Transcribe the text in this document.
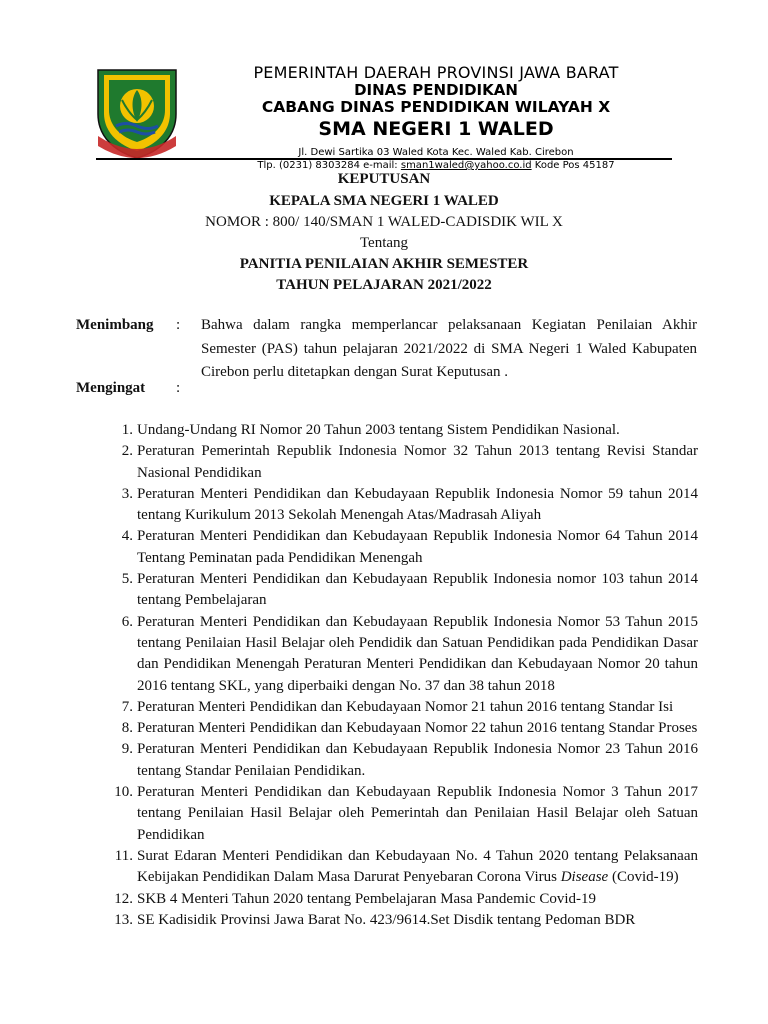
PEMERINTAH DAERAH PROVINSI JAWA BARAT
DINAS PENDIDIKAN
CABANG DINAS PENDIDIKAN WILAYAH X
SMA NEGERI 1 WALED
Jl. Dewi Sartika 03 Waled Kota Kec. Waled Kab. Cirebon
Tlp. (0231) 8303284 e-mail: sman1waled@yahoo.co.id Kode Pos 45187
KEPUTUSAN
KEPALA SMA NEGERI 1 WALED
NOMOR : 800/ 140/SMAN 1 WALED-CADISDIK WIL X
Tentang
PANITIA PENILAIAN AKHIR SEMESTER
TAHUN PELAJARAN 2021/2022
Menimbang : Bahwa dalam rangka memperlancar pelaksanaan Kegiatan Penilaian Akhir Semester (PAS) tahun pelajaran 2021/2022 di SMA Negeri 1 Waled Kabupaten Cirebon perlu ditetapkan dengan Surat Keputusan .
Mengingat :
1. Undang-Undang RI Nomor 20 Tahun 2003 tentang Sistem Pendidikan Nasional.
2. Peraturan Pemerintah Republik Indonesia Nomor 32 Tahun 2013 tentang Revisi Standar Nasional Pendidikan
3. Peraturan Menteri Pendidikan dan Kebudayaan Republik Indonesia Nomor 59 tahun 2014 tentang Kurikulum 2013 Sekolah Menengah Atas/Madrasah Aliyah
4. Peraturan Menteri Pendidikan dan Kebudayaan Republik Indonesia Nomor 64 Tahun 2014 Tentang Peminatan pada Pendidikan Menengah
5. Peraturan Menteri Pendidikan dan Kebudayaan Republik Indonesia nomor 103 tahun 2014 tentang Pembelajaran
6. Peraturan Menteri Pendidikan dan Kebudayaan Republik Indonesia Nomor 53 Tahun 2015 tentang Penilaian Hasil Belajar oleh Pendidik dan Satuan Pendidikan pada Pendidikan Dasar dan Pendidikan Menengah Peraturan Menteri Pendidikan dan Kebudayaan Nomor 20 tahun 2016 tentang SKL, yang diperbaiki dengan No. 37 dan 38 tahun 2018
7. Peraturan Menteri Pendidikan dan Kebudayaan Nomor 21 tahun 2016 tentang Standar Isi
8. Peraturan Menteri Pendidikan dan Kebudayaan Nomor 22 tahun 2016 tentang Standar Proses
9. Peraturan Menteri Pendidikan dan Kebudayaan Republik Indonesia Nomor 23 Tahun 2016 tentang Standar Penilaian Pendidikan.
10. Peraturan Menteri Pendidikan dan Kebudayaan Republik Indonesia Nomor 3 Tahun 2017 tentang Penilaian Hasil Belajar oleh Pemerintah dan Penilaian Hasil Belajar oleh Satuan Pendidikan
11. Surat Edaran Menteri Pendidikan dan Kebudayaan No. 4 Tahun 2020 tentang Pelaksanaan Kebijakan Pendidikan Dalam Masa Darurat Penyebaran Corona Virus Disease (Covid-19)
12. SKB 4 Menteri Tahun 2020 tentang Pembelajaran Masa Pandemic Covid-19
13. SE Kadisidik Provinsi Jawa Barat No. 423/9614.Set Disdik tentang Pedoman BDR
